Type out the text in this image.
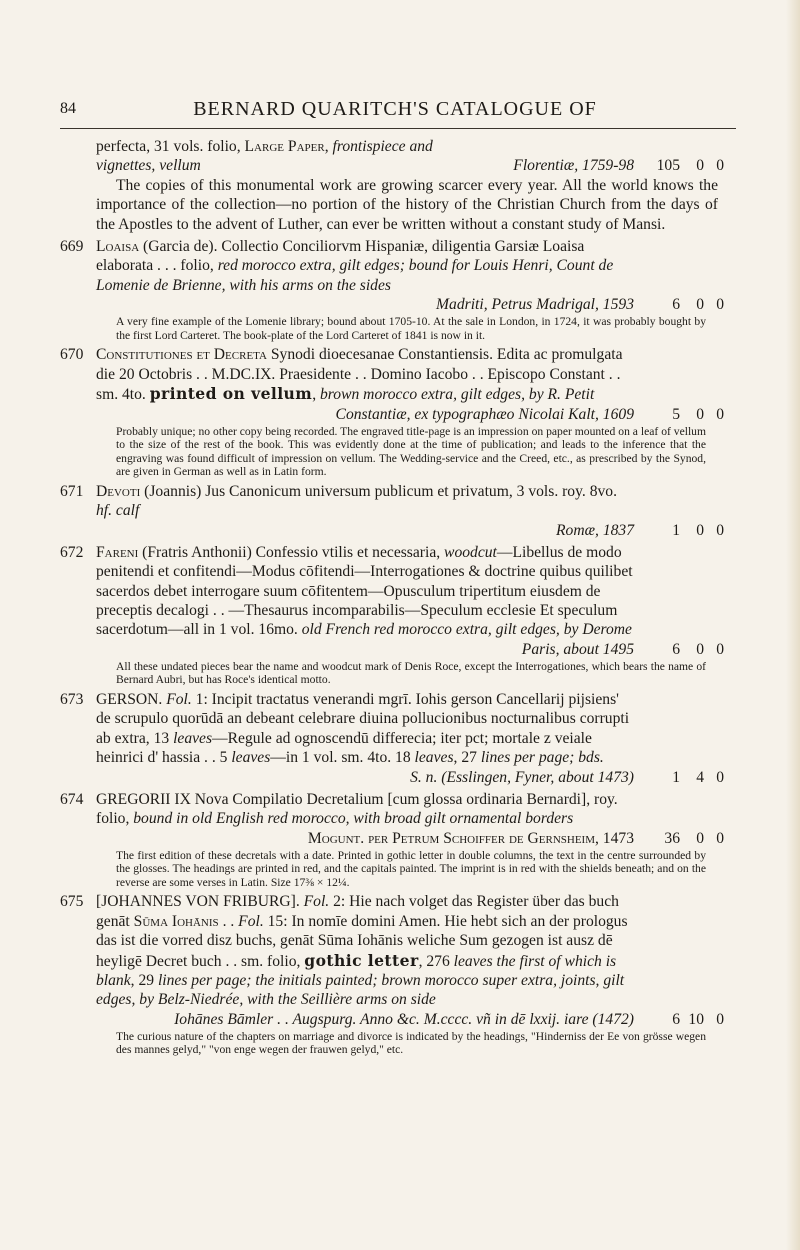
84	BERNARD QUARITCH'S CATALOGUE OF
perfecta, 31 vols. folio, Large Paper, frontispiece and
vignettes, vellum	Florentiæ, 1759-98	105 0 0
The copies of this monumental work are growing scarcer every year. All the world knows the importance of the collection—no portion of the history of the Christian Church from the days of the Apostles to the advent of Luther, can ever be written without a constant study of Mansi.
669 Loaisa (Garcia de). Collectio Conciliorvm Hispaniæ, diligentia Garsiæ Loaisa elaborata . . . folio, red morocco extra, gilt edges; bound for Louis Henri, Count de Lomenie de Brienne, with his arms on the sides
Madriti, Petrus Madrigal, 1593	6 0 0
A very fine example of the Lomenie library; bound about 1705-10. At the sale in London, in 1724, it was probably bought by the first Lord Carteret. The book-plate of the Lord Carteret of 1841 is now in it.
670 Constitutiones et Decreta Synodi dioecesanae Constantiensis. Edita ac promulgata die 20 Octobris . . M.DC.IX. Praesidente . . Domino Iacobo . . Episcopo Constant . . sm. 4to. printed on vellum, brown morocco extra, gilt edges, by R. Petit
Constantiæ, ex typographæo Nicolai Kalt, 1609	5 0 0
Probably unique; no other copy being recorded. The engraved title-page is an impression on paper mounted on a leaf of vellum to the size of the rest of the book. This was evidently done at the time of publication; and leads to the inference that the engraving was found difficult of impression on vellum. The Wedding-service and the Creed, etc., as prescribed by the Synod, are given in German as well as in Latin form.
671 Devoti (Joannis) Jus Canonicum universum publicum et privatum, 3 vols. roy. 8vo. hf. calf
Romæ, 1837	1 0 0
672 Fareni (Fratris Anthonii) Confessio vtilis et necessaria, woodcut—Libellus de modo penitendi et confitendi—Modus cōfitendi—Interrogationes & doctrine quibus quilibet sacerdos debet interrogare suum cōfitentem—Opusculum tripertitum eiusdem de preceptis decalogi . . —Thesaurus incomparabilis—Speculum ecclesie Et speculum sacerdotum—all in 1 vol. 16mo. old French red morocco extra, gilt edges, by Derome
Paris, about 1495	6 0 0
All these undated pieces bear the name and woodcut mark of Denis Roce, except the Interrogationes, which bears the name of Bernard Aubri, but has Roce's identical motto.
673 GERSON. Fol. 1: Incipit tractatus venerandi mgrī. Iohis gerson Cancellarij pijsiens' de scrupulo quorūdā an debeant celebrare diuina pollucionibus nocturnalibus corrupti ab extra, 13 leaves—Regule ad ognoscendū differecia; iter pct; mortale z veiale heinrici d' hassia . . 5 leaves—in 1 vol. sm. 4to. 18 leaves, 27 lines per page; bds.
S. n. (Esslingen, Fyner, about 1473)	1 4 0
674 GREGORII IX Nova Compilatio Decretalium [cum glossa ordinaria Bernardi], roy. folio, bound in old English red morocco, with broad gilt ornamental borders
Mogunt. per Petrum Schoiffer de Gernsheim, 1473	36 0 0
The first edition of these decretals with a date. Printed in gothic letter in double columns, the text in the centre surrounded by the glosses. The headings are printed in red, and the capitals painted. The imprint is in red with the shields beneath; and on the reverse are some verses in Latin. Size 17⅜ × 12¼.
675 [JOHANNES VON FRIBURG]. Fol. 2: Hie nach volget das Register über das buch genāt Sūma Iohānis . . Fol. 15: In nomīe domini Amen. Hie hebt sich an der prologus das ist die vorred disz buchs, genāt Sūma Iohānis weliche Sum gezogen ist ausz dē heyligē Decret buch . . sm. folio, gothic letter, 276 leaves the first of which is blank, 29 lines per page; the initials painted; brown morocco super extra, joints, gilt edges, by Belz-Niedrée, with the Seillière arms on side
Iohānes Bāmler . . Augspurg. Anno &c. M.cccc. vñ in dē lxxij. iare (1472)	6 10 0
The curious nature of the chapters on marriage and divorce is indicated by the headings, "Hinderniss der Ee von grösse wegen des mannes gelyd," "von enge wegen der frauwen gelyd," etc.
